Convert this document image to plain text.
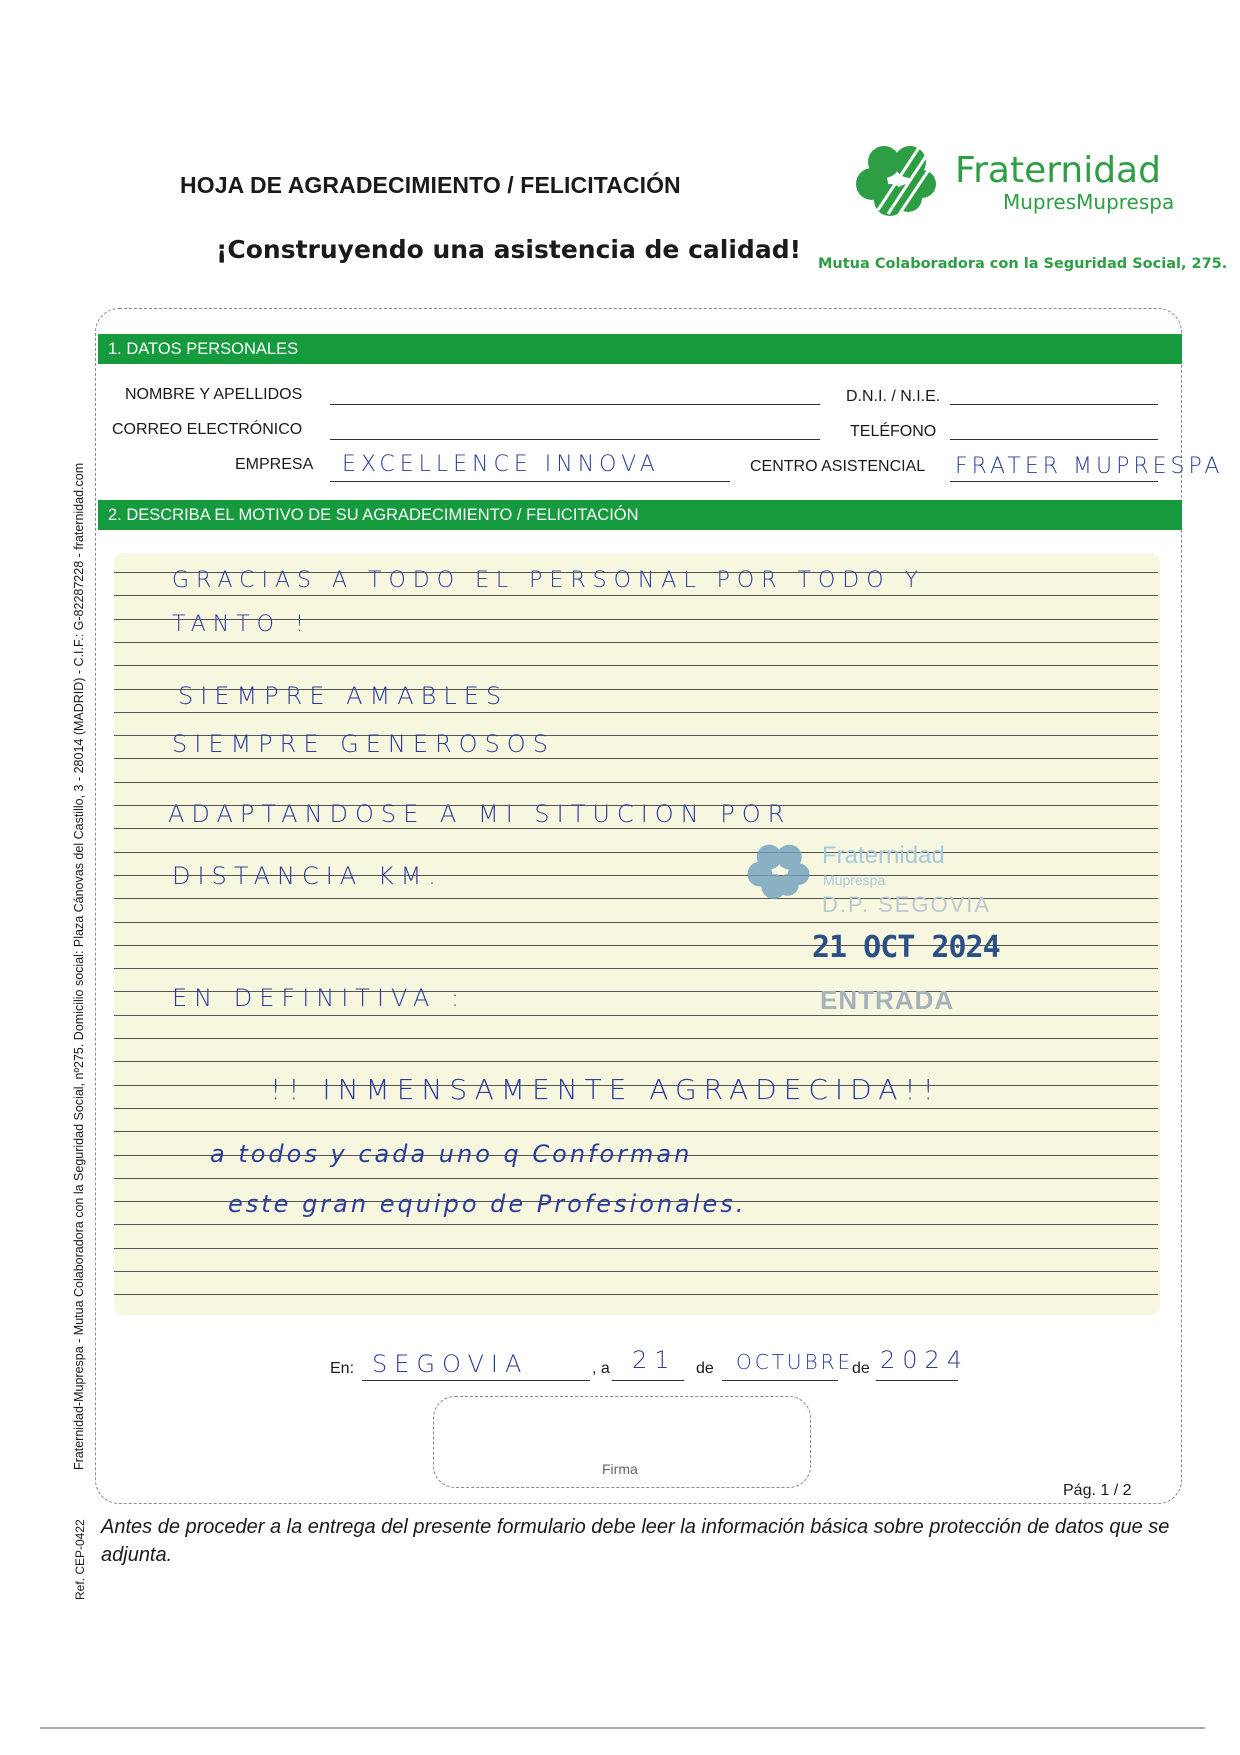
HOJA DE AGRADECIMIENTO / FELICITACIÓN
¡Construyendo una asistencia de calidad!
Fraternidad
MupresMuprespa
Mutua Colaboradora con la Seguridad Social, 275.
1. DATOS PERSONALES
NOMBRE Y APELLIDOS	D.N.I. / N.I.E.
CORREO ELECTRÓNICO	TELÉFONO
EMPRESA EXCELLENCE INNOVA	CENTRO ASISTENCIAL FRATER MUPRESPA
2. DESCRIBA EL MOTIVO DE SU AGRADECIMIENTO / FELICITACIÓN
GRACIAS A TODO EL PERSONAL POR TODO Y
TANTO !
SIEMPRE AMABLES
SIEMPRE GENEROSOS
ADAPTANDOSE A MI SITUCION POR
DISTANCIA KM.
EN DEFINITIVA :
!! INMENSAMENTE AGRADECIDA!!
a todos y cada uno q Conforman
este gran equipo de Profesionales.
Fraternidad
Muprespa
D.P. SEGOVIA
21 OCT 2024
ENTRADA
En: SEGOVIA	, a 21 de OCTUBRE
de 2024
Firma
Pág. 1 / 2
Antes de proceder a la entrega del presente formulario debe leer la información básica sobre protección de datos que se adjunta.
Fraternidad-Muprespa - Mutua Colaboradora con la Seguridad Social, nº275. Domicilio social: Plaza Cánovas del Castillo, 3 - 28014 (MADRID) - C.I.F.: G-82287228 - fraternidad.com
Ref. CEP-0422
